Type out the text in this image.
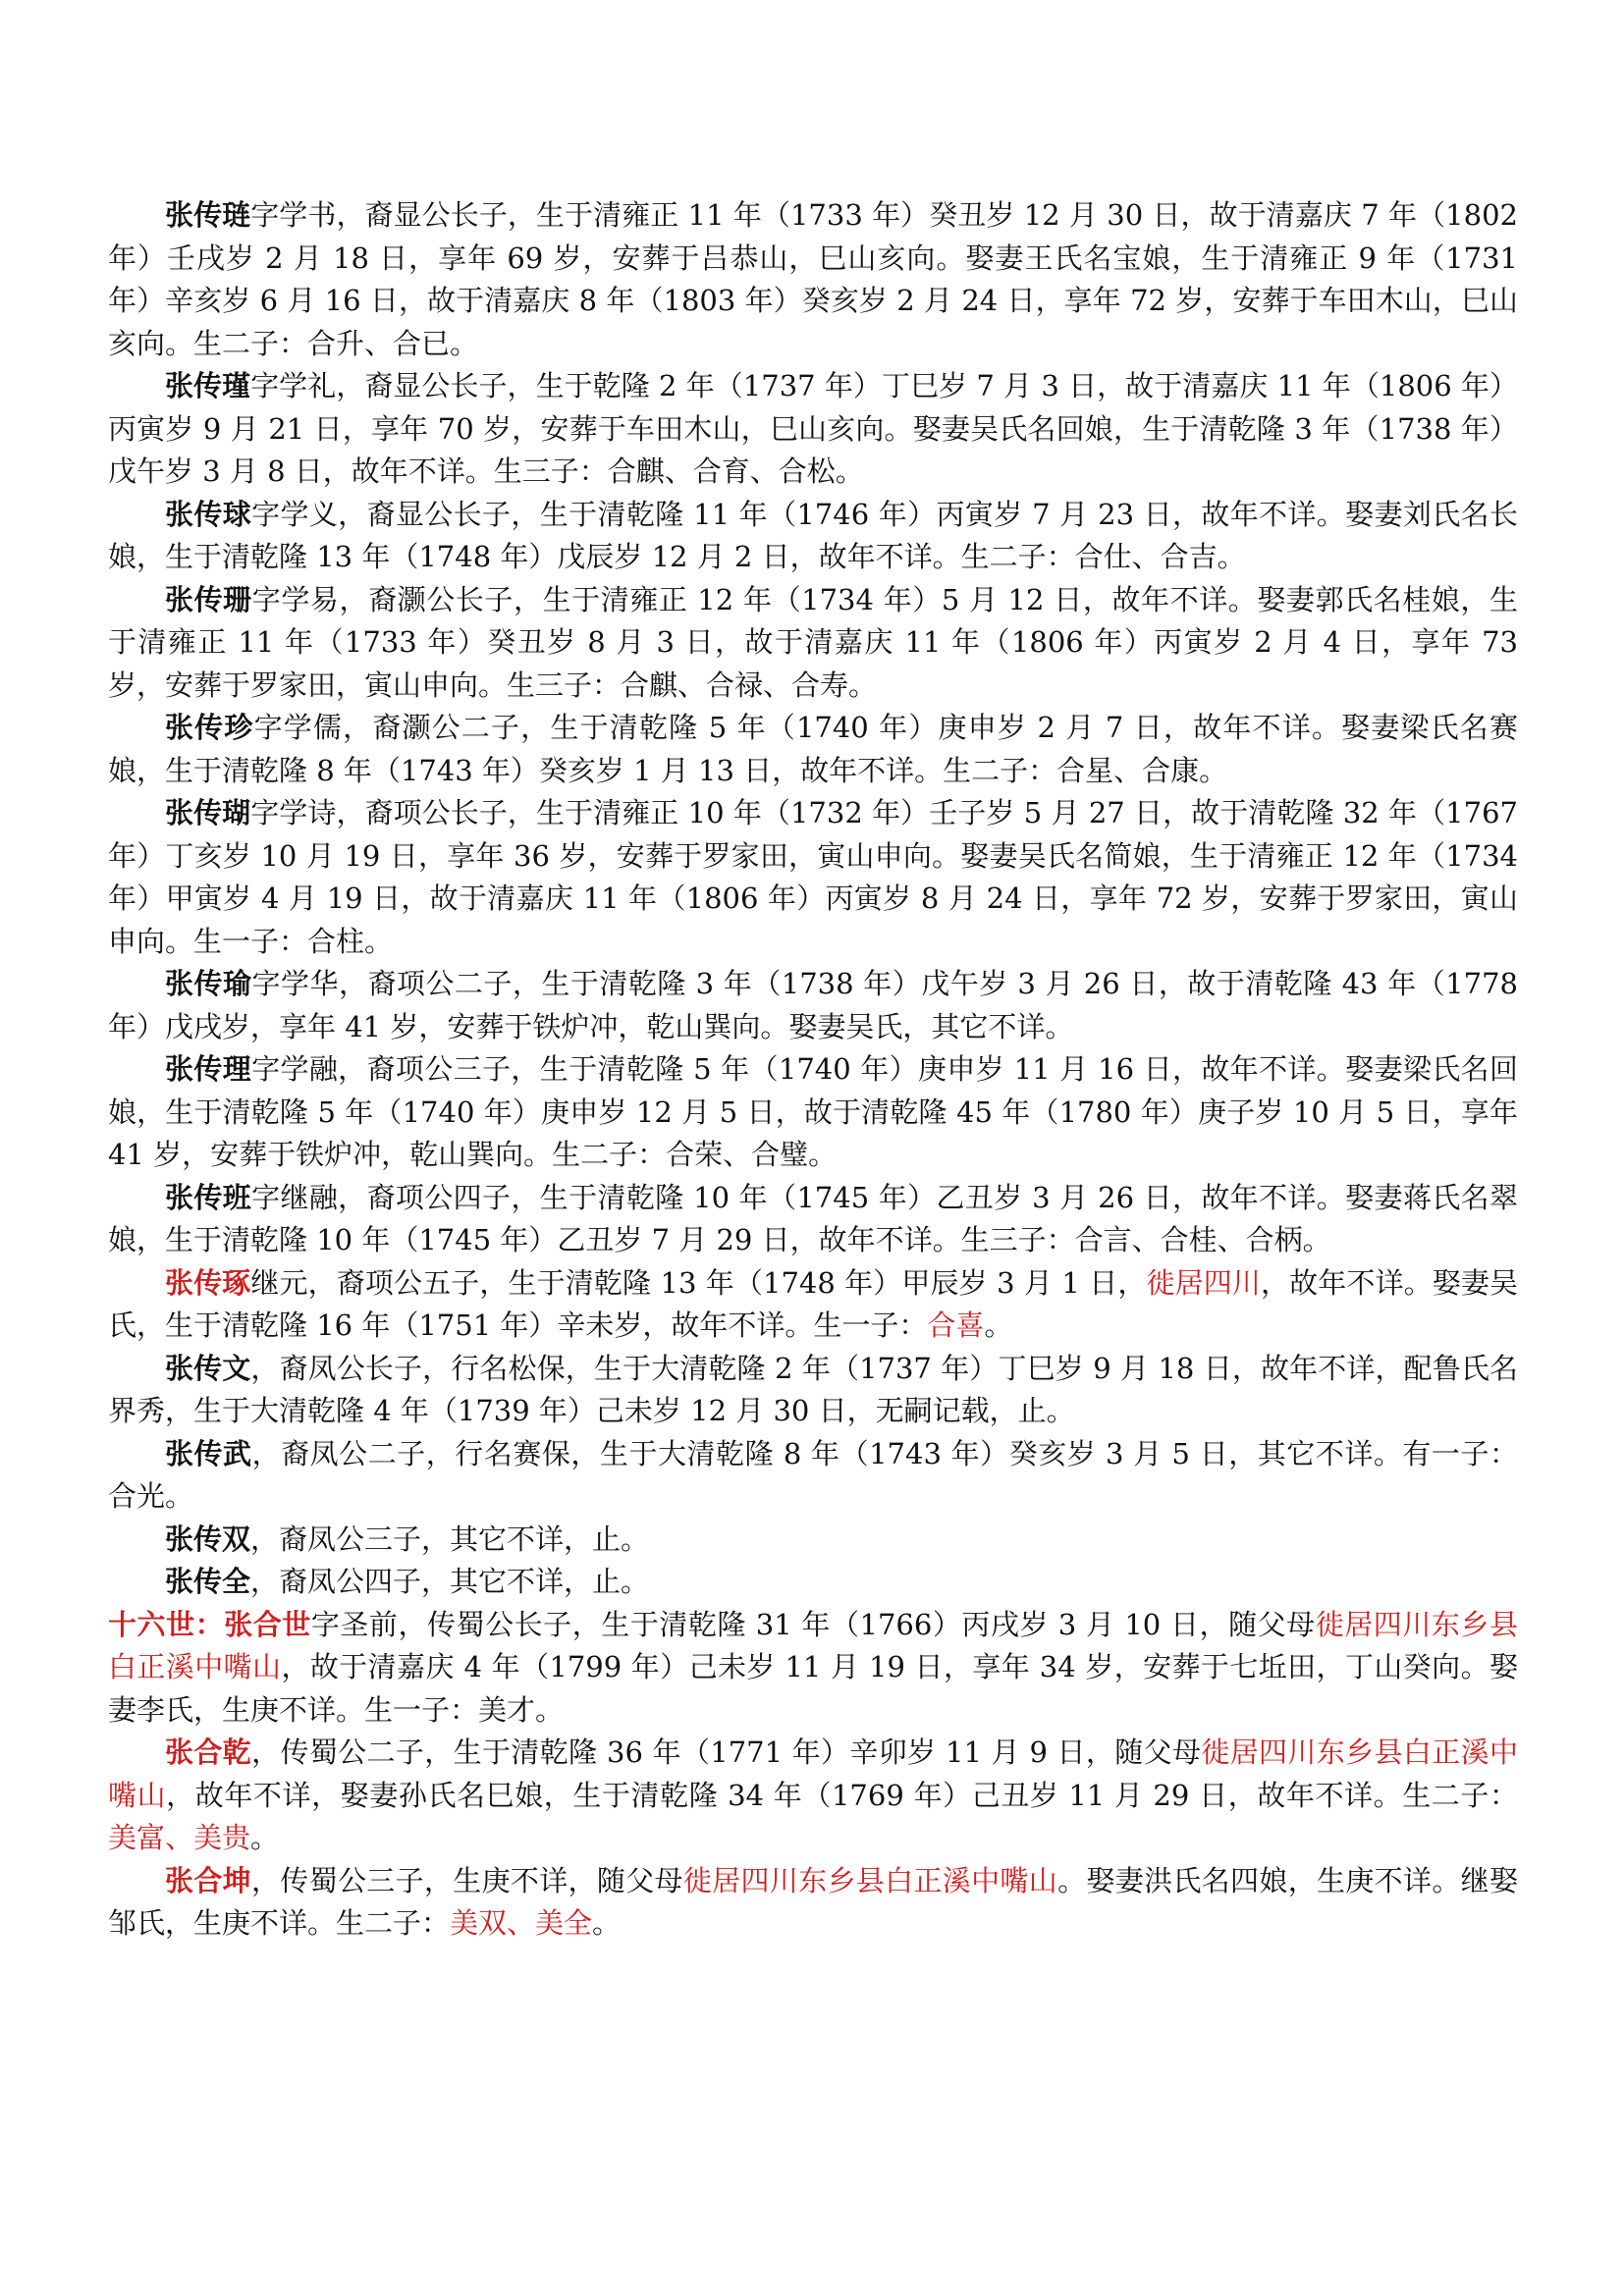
张传琏字学书，裔显公长子，生于清雍正 11 年（1733 年）癸丑岁 12 月 30 日，故于清嘉庆 7 年（1802 年）壬戌岁 2 月 18 日，享年 69 岁，安葬于吕恭山，巳山亥向。娶妻王氏名宝娘，生于清雍正 9 年（1731 年）辛亥岁 6 月 16 日，故于清嘉庆 8 年（1803 年）癸亥岁 2 月 24 日，享年 72 岁，安葬于车田木山，巳山亥向。生二子：合升、合已。

张传瑾字学礼，裔显公长子，生于乾隆 2 年（1737 年）丁巳岁 7 月 3 日，故于清嘉庆 11 年（1806 年）丙寅岁 9 月 21 日，享年 70 岁，安葬于车田木山，巳山亥向。娶妻吴氏名回娘，生于清乾隆 3 年（1738 年）戊午岁 3 月 8 日，故年不详。生三子：合麒、合育、合松。

张传球字学义，裔显公长子，生于清乾隆 11 年（1746 年）丙寅岁 7 月 23 日，故年不详。娶妻刘氏名长娘，生于清乾隆 13 年（1748 年）戊辰岁 12 月 2 日，故年不详。生二子：合仕、合吉。

张传珊字学易，裔灏公长子，生于清雍正 12 年（1734 年）5 月 12 日，故年不详。娶妻郭氏名桂娘，生于清雍正 11 年（1733 年）癸丑岁 8 月 3 日，故于清嘉庆 11 年（1806 年）丙寅岁 2 月 4 日，享年 73 岁，安葬于罗家田，寅山申向。生三子：合麒、合禄、合寿。

张传珍字学儒，裔灏公二子，生于清乾隆 5 年（1740 年）庚申岁 2 月 7 日，故年不详。娶妻梁氏名赛娘，生于清乾隆 8 年（1743 年）癸亥岁 1 月 13 日，故年不详。生二子：合星、合康。

张传瑚字学诗，裔项公长子，生于清雍正 10 年（1732 年）壬子岁 5 月 27 日，故于清乾隆 32 年（1767 年）丁亥岁 10 月 19 日，享年 36 岁，安葬于罗家田，寅山申向。娶妻吴氏名简娘，生于清雍正 12 年（1734 年）甲寅岁 4 月 19 日，故于清嘉庆 11 年（1806 年）丙寅岁 8 月 24 日，享年 72 岁，安葬于罗家田，寅山申向。生一子：合柱。

张传瑜字学华，裔项公二子，生于清乾隆 3 年（1738 年）戊午岁 3 月 26 日，故于清乾隆 43 年（1778 年）戊戌岁，享年 41 岁，安葬于铁炉冲，乾山巽向。娶妻吴氏，其它不详。

张传理字学融，裔项公三子，生于清乾隆 5 年（1740 年）庚申岁 11 月 16 日，故年不详。娶妻梁氏名回娘，生于清乾隆 5 年（1740 年）庚申岁 12 月 5 日，故于清乾隆 45 年（1780 年）庚子岁 10 月 5 日，享年 41 岁，安葬于铁炉冲，乾山巽向。生二子：合荣、合璧。

张传班字继融，裔项公四子，生于清乾隆 10 年（1745 年）乙丑岁 3 月 26 日，故年不详。娶妻蒋氏名翠娘，生于清乾隆 10 年（1745 年）乙丑岁 7 月 29 日，故年不详。生三子：合言、合桂、合柄。

张传琢继元，裔项公五子，生于清乾隆 13 年（1748 年）甲辰岁 3 月 1 日，徙居四川，故年不详。娶妻吴氏，生于清乾隆 16 年（1751 年）辛未岁，故年不详。生一子：合喜。

张传文，裔凤公长子，行名松保，生于大清乾隆 2 年（1737 年）丁巳岁 9 月 18 日，故年不详，配鲁氏名界秀，生于大清乾隆 4 年（1739 年）己未岁 12 月 30 日，无嗣记载，止。

张传武，裔凤公二子，行名赛保，生于大清乾隆 8 年（1743 年）癸亥岁 3 月 5 日，其它不详。有一子：合光。

张传双，裔凤公三子，其它不详，止。

张传全，裔凤公四子，其它不详，止。

十六世：张合世字圣前，传蜀公长子，生于清乾隆 31 年（1766）丙戌岁 3 月 10 日，随父母徙居四川东乡县白正溪中嘴山，故于清嘉庆 4 年（1799 年）己未岁 11 月 19 日，享年 34 岁，安葬于七坵田，丁山癸向。娶妻李氏，生庚不详。生一子：美才。

张合乾，传蜀公二子，生于清乾隆 36 年（1771 年）辛卯岁 11 月 9 日，随父母徙居四川东乡县白正溪中嘴山，故年不详，娶妻孙氏名巳娘，生于清乾隆 34 年（1769 年）己丑岁 11 月 29 日，故年不详。生二子：美富、美贵。

张合坤，传蜀公三子，生庚不详，随父母徙居四川东乡县白正溪中嘴山。娶妻洪氏名四娘，生庚不详。继娶邹氏，生庚不详。生二子：美双、美全。
